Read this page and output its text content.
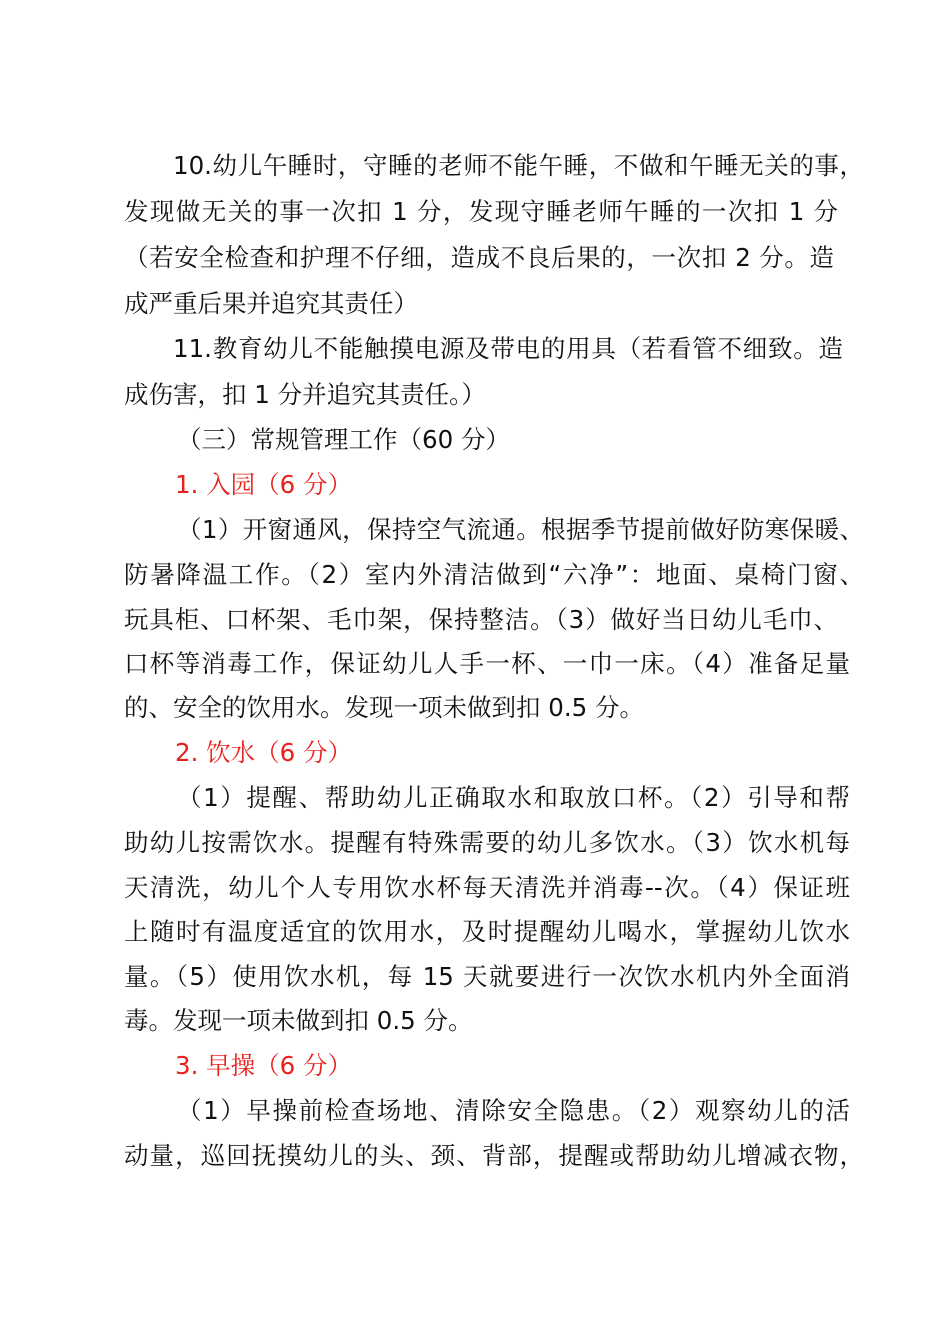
10.幼儿午睡时，守睡的老师不能午睡，不做和午睡无关的事，
发现做无关的事一次扣 1 分，发现守睡老师午睡的一次扣 1 分
（若安全检查和护理不仔细，造成不良后果的，一次扣 2 分。造
成严重后果并追究其责任）
11.教育幼儿不能触摸电源及带电的用具（若看管不细致。造
成伤害，扣 1 分并追究其责任。）
（三）常规管理工作（60 分）
1. 入园（6 分）
（1）开窗通风，保持空气流通。根据季节提前做好防寒保暖、
防暑降温工作。（2）室内外清洁做到“六净”：地面、桌椅门窗、
玩具柜、口杯架、毛巾架，保持整洁。（3）做好当日幼儿毛巾、
口杯等消毒工作，保证幼儿人手一杯、一巾一床。（4）准备足量
的、安全的饮用水。发现一项未做到扣 0.5 分。
2. 饮水（6 分）
（1）提醒、帮助幼儿正确取水和取放口杯。（2）引导和帮
助幼儿按需饮水。提醒有特殊需要的幼儿多饮水。（3）饮水机每
天清洗，幼儿个人专用饮水杯每天清洗并消毒--次。（4）保证班
上随时有温度适宜的饮用水，及时提醒幼儿喝水，掌握幼儿饮水
量。（5）使用饮水机，每 15 天就要进行一次饮水机内外全面消
毒。发现一项未做到扣 0.5 分。
3. 早操（6 分）
（1）早操前检查场地、清除安全隐患。（2）观察幼儿的活
动量，巡回抚摸幼儿的头、颈、背部，提醒或帮助幼儿增减衣物，
